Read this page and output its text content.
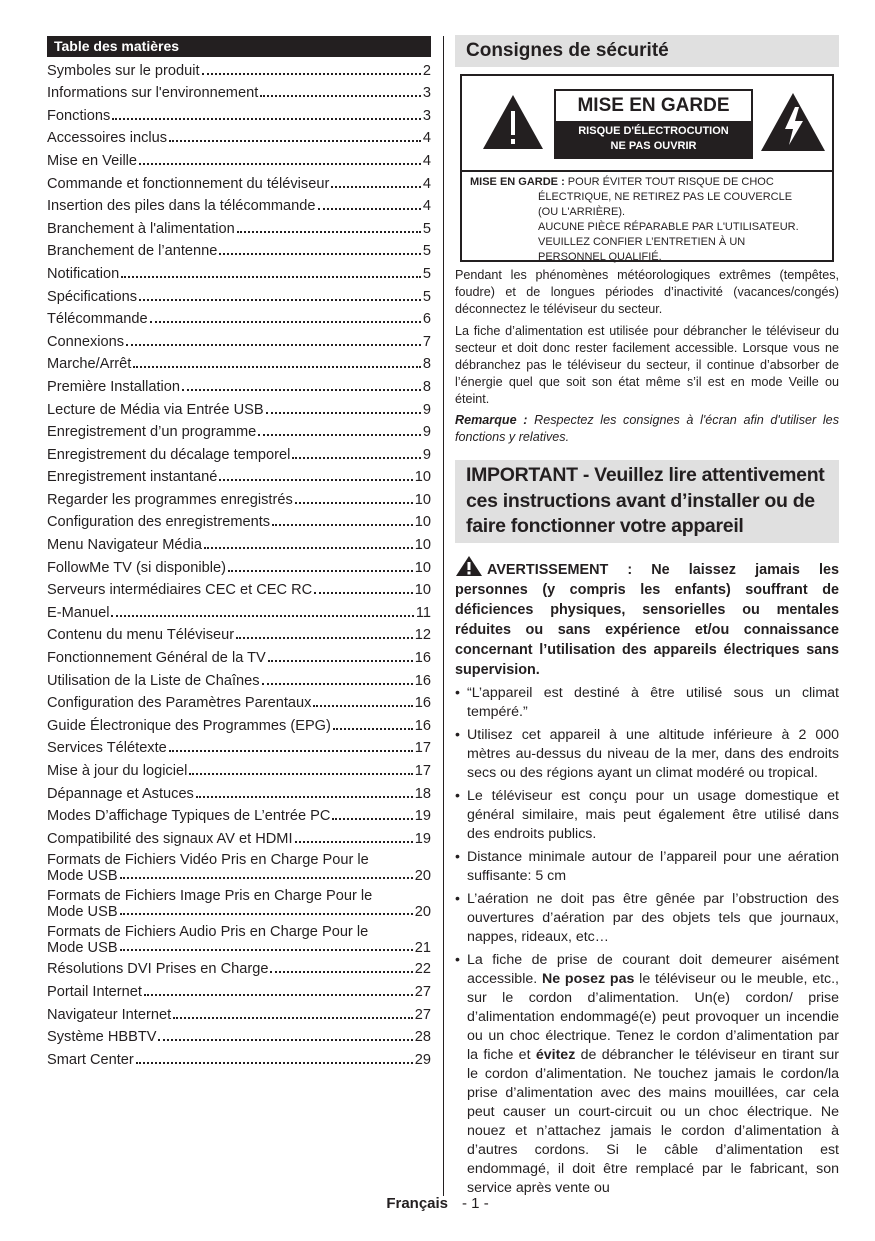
Table des matières
Symboles sur le produit	2
Informations sur l'environnement	3
Fonctions	3
Accessoires inclus	4
Mise en Veille	4
Commande et fonctionnement du téléviseur	4
Insertion des piles dans la télécommande	4
Branchement à l'alimentation	5
Branchement de l’antenne	5
Notification	5
Spécifications	5
Télécommande	6
Connexions	7
Marche/Arrêt	8
Première Installation	8
Lecture de Média via Entrée USB	9
Enregistrement d’un programme	9
Enregistrement du décalage temporel	9
Enregistrement instantané	10
Regarder les programmes enregistrés	10
Configuration des enregistrements	10
Menu Navigateur Média	10
FollowMe TV (si disponible)	10
Serveurs intermédiaires CEC et CEC RC	10
E-Manuel	11
Contenu du menu Téléviseur	12
Fonctionnement Général de la TV	16
Utilisation de la Liste de Chaînes	16
Configuration des Paramètres Parentaux	16
Guide Électronique des Programmes (EPG)	16
Services Télétexte	17
Mise à jour du logiciel	17
Dépannage et Astuces	18
Modes D’affichage Typiques de L’entrée PC	19
Compatibilité des signaux AV et HDMI	19
Formats de Fichiers Vidéo Pris en Charge Pour le
Mode USB	20
Formats de Fichiers Image Pris en Charge Pour le
Mode USB	20
Formats de Fichiers Audio Pris en Charge Pour le
Mode USB	21
Résolutions DVI Prises en Charge	22
Portail Internet	27
Navigateur Internet	27
Système HBBTV	28
Smart Center	29
Consignes de sécurité
MISE EN GARDE
RISQUE D'ÉLECTROCUTION
NE PAS OUVRIR
MISE EN GARDE : POUR ÉVITER TOUT RISQUE DE CHOC
ÉLECTRIQUE, NE RETIREZ PAS LE COUVERCLE
(OU L'ARRIÈRE).
AUCUNE PIÈCE RÉPARABLE PAR L'UTILISATEUR.
VEUILLEZ CONFIER L’ENTRETIEN À UN
PERSONNEL QUALIFIÉ.

Pendant les phénomènes météorologiques extrêmes (tempêtes, foudre) et de longues périodes d’inactivité (vacances/congés) déconnectez le téléviseur du secteur.

La fiche d’alimentation est utilisée pour débrancher le téléviseur du secteur et doit donc rester facilement accessible. Lorsque vous ne débranchez pas le téléviseur du secteur, il continue d’absorber de l’énergie quel que soit son état même s’il est en mode Veille ou éteint.

Remarque : Respectez les consignes à l'écran afin d'utiliser les fonctions y relatives.

IMPORTANT - Veuillez lire attentivement ces instructions avant d’installer ou de faire fonctionner votre appareil
AVERTISSEMENT : Ne laissez jamais les personnes (y compris les enfants) souffrant de déficiences physiques, sensorielles ou mentales réduites ou sans expérience et/ou connaissance concernant l’utilisation des appareils électriques sans supervision.
• “L’appareil est destiné à être utilisé sous un climat tempéré.”
• Utilisez cet appareil à une altitude inférieure à 2 000 mètres au-dessus du niveau de la mer, dans des endroits secs ou des régions ayant un climat modéré ou tropical.
• Le téléviseur est conçu pour un usage domestique et général similaire, mais peut également être utilisé dans des endroits publics.
• Distance minimale autour de l’appareil pour une aération suffisante: 5 cm
• L’aération ne doit pas être gênée par l’obstruction des ouvertures d’aération par des objets tels que journaux, nappes, rideaux, etc…
• La fiche de prise de courant doit demeurer aisément accessible. Ne posez pas le téléviseur ou le meuble, etc., sur le cordon d’alimentation. Un(e) cordon/ prise d’alimentation endommagé(e) peut provoquer un incendie ou un choc électrique. Tenez le cordon d’alimentation par la fiche et évitez de débrancher le téléviseur en tirant sur le cordon d’alimentation. Ne touchez jamais le cordon/la prise d’alimentation avec des mains mouillées, car cela peut causer un court-circuit ou un choc électrique. Ne nouez et n’attachez jamais le cordon d’alimentation à d’autres cordons. Si le câble d’alimentation est endommagé, il doit être remplacé par le fabricant, son service après vente ou
Français - 1 -
